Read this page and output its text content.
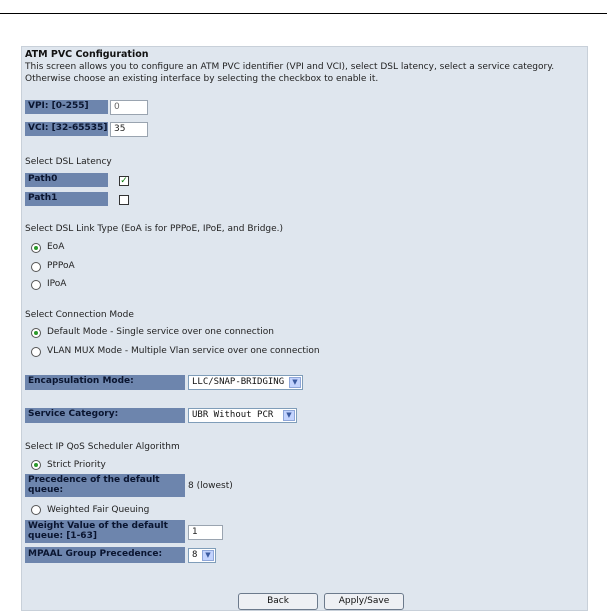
ATM PVC Configuration
This screen allows you to configure an ATM PVC identifier (VPI and VCI), select DSL latency, select a service category. Otherwise choose an existing interface by selecting the checkbox to enable it.
VPI: [0-255]	0
VCI: [32-65535] 35
Select DSL Latency
Path0	✓
Path1
Select DSL Link Type (EoA is for PPPoE, IPoE, and Bridge.)
EoA
PPPoA
IPoA
Select Connection Mode
Default Mode - Single service over one connection
VLAN MUX Mode - Multiple Vlan service over one connection
Encapsulation Mode:	LLC/SNAP-BRIDGING	▼
Service Category:	UBR Without PCR	▼
Select IP QoS Scheduler Algorithm
Strict Priority
Precedence of the default queue:	8 (lowest)
Weighted Fair Queuing
Weight Value of the default queue: [1-63]	1
MPAAL Group Precedence:	8	▼
Back	Apply/Save
